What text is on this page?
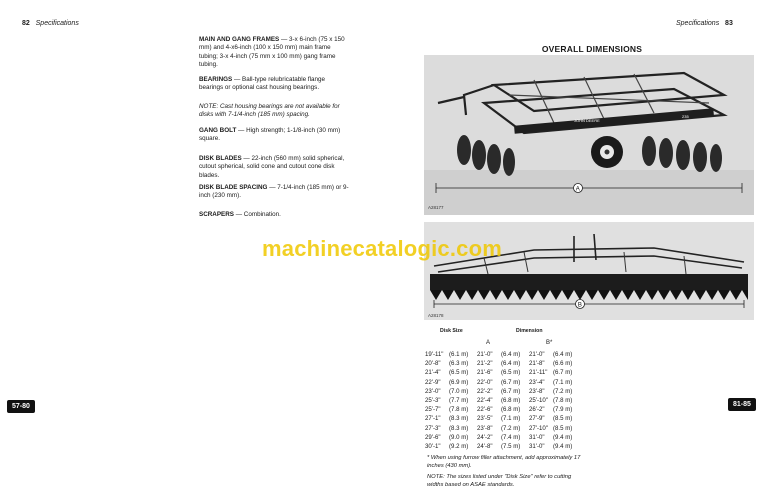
82 Specifications	Specifications 83
MAIN AND GANG FRAMES — 3-x 6-inch (75 x 150 mm) and 4-x6-inch (100 x 150 mm) main frame tubing; 3-x 4-inch (75 mm x 100 mm) gang frame tubing.
BEARINGS — Ball-type relubricatable flange bearings or optional cast housing bearings.
NOTE: Cast housing bearings are not available for disks with 7-1/4-inch (185 mm) spacing.
GANG BOLT — High strength; 1-1/8-inch (30 mm) square.
DISK BLADES — 22-inch (560 mm) solid spherical, cutout spherical, solid cone and cutout cone disk blades.
DISK BLADE SPACING — 7-1/4-inch (185 mm) or 9-inch (230 mm).
SCRAPERS — Combination.
OVERALL DIMENSIONS
JOHN DEERE
235
A
A28177
B
A28178
machinecatalogic.com
Disk Size	Dimension
A	B*
19'-11"	(6.1 m)	21'-0"	(6.4 m)	21'-0"	(6.4 m)
20'-8"	(6.3 m)	21'-2"	(6.4 m)	21'-8"	(6.6 m)
21'-4"	(6.5 m)	21'-6"	(6.5 m)	21'-11"	(6.7 m)
22'-9"	(6.9 m)	22'-0"	(6.7 m)	23'-4"	(7.1 m)
23'-0"	(7.0 m)	22'-2"	(6.7 m)	23'-8"	(7.2 m)
25'-3"	(7.7 m)	22'-4"	(6.8 m)	25'-10"	(7.8 m)
25'-7"	(7.8 m)	22'-6"	(6.8 m)	26'-2"	(7.9 m)
27'-1"	(8.3 m)	23'-5"	(7.1 m)	27'-9"	(8.5 m)
27'-3"	(8.3 m)	23'-8"	(7.2 m)	27'-10"	(8.5 m)
29'-6"	(9.0 m)	24'-2"	(7.4 m)	31'-0"	(9.4 m)
30'-1"	(9.2 m)	24'-8"	(7.5 m)	31'-0"	(9.4 m)
* When using furrow filler attachment, add approximately 17 inches (430 mm).
NOTE: The sizes listed under "Disk Size" refer to cutting widths based on ASAE standards.
57-80	81-85
